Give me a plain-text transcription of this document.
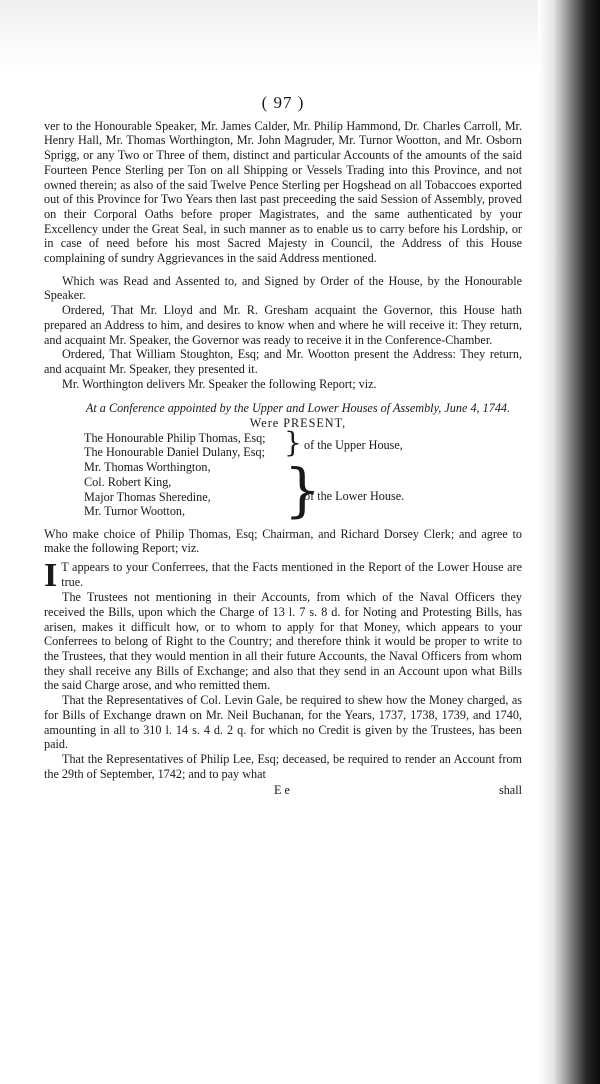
( 97 )

ver to the Honourable Speaker, Mr. James Calder, Mr. Philip Hammond, Dr. Charles Carroll, Mr. Henry Hall, Mr. Thomas Worthington, Mr. John Magruder, Mr. Turnor Wootton, and Mr. Osborn Sprigg, or any Two or Three of them, distinct and particular Accounts of the amounts of the said Fourteen Pence Sterling per Ton on all Shipping or Vessels Trading into this Province, and not owned therein; as also of the said Twelve Pence Sterling per Hogshead on all Tobaccoes exported out of this Province for Two Years then last past preceeding the said Session of Assembly, proved on their Corporal Oaths before proper Magistrates, and the same authenticated by your Excellency under the Great Seal, in such manner as to enable us to carry before his Lordship, or in case of need before his most Sacred Majesty in Council, the Address of this House complaining of sundry Aggrievances in the said Address mentioned.

Which was Read and Assented to, and Signed by Order of the House, by the Honourable Speaker.

Ordered, That Mr. Lloyd and Mr. R. Gresham acquaint the Governor, this House hath prepared an Address to him, and desires to know when and where he will receive it: They return, and acquaint Mr. Speaker, the Governor was ready to receive it in the Conference-Chamber.

Ordered, That William Stoughton, Esq; and Mr. Wootton present the Address: They return, and acquaint Mr. Speaker, they presented it.

Mr. Worthington delivers Mr. Speaker the following Report; viz.

At a Conference appointed by the Upper and Lower Houses of Assembly, June 4, 1744.
Were PRESENT,
The Honourable Philip Thomas, Esq;
The Honourable Daniel Dulany, Esq;
Mr. Thomas Worthington,
Col. Robert King,
Major Thomas Sheredine,
Mr. Turnor Wootton,
} of the Upper House,
}
of the Lower House.

Who make choice of Philip Thomas, Esq; Chairman, and Richard Dorsey Clerk; and agree to make the following Report; viz.

I T appears to your Conferrees, that the Facts mentioned in the Report of the Lower House are true.

The Trustees not mentioning in their Accounts, from which of the Naval Officers they received the Bills, upon which the Charge of 13 l. 7 s. 8 d. for Noting and Protesting Bills, has arisen, makes it difficult how, or to whom to apply for that Money, which appears to your Conferrees to belong of Right to the Country; and therefore think it would be proper to write to the Trustees, that they would mention in all their future Accounts, the Naval Officers from whom they shall receive any Bills of Exchange; and also that they send in an Account upon what Bills the said Charge arose, and who remitted them.

That the Representatives of Col. Levin Gale, be required to shew how the Money charged, as for Bills of Exchange drawn on Mr. Neil Buchanan, for the Years, 1737, 1738, 1739, and 1740, amounting in all to 310 l. 14 s. 4 d. 2 q. for which no Credit is given by the Trustees, has been paid.

That the Representatives of Philip Lee, Esq; deceased, be required to render an Account from the 29th of September, 1742; and to pay what

E e	shall
